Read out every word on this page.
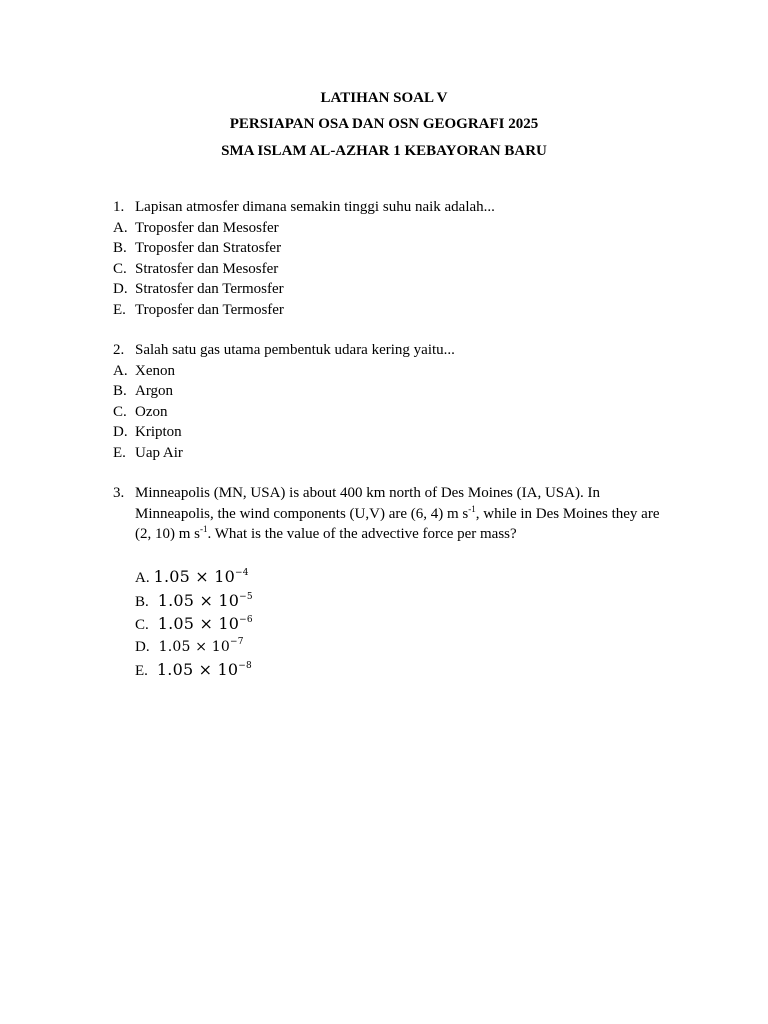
LATIHAN SOAL V
PERSIAPAN OSA DAN OSN GEOGRAFI 2025
SMA ISLAM AL-AZHAR 1 KEBAYORAN BARU
1. Lapisan atmosfer dimana semakin tinggi suhu naik adalah...
A. Troposfer dan Mesosfer
B. Troposfer dan Stratosfer
C. Stratosfer dan Mesosfer
D. Stratosfer dan Termosfer
E. Troposfer dan Termosfer
2. Salah satu gas utama pembentuk udara kering yaitu...
A. Xenon
B. Argon
C. Ozon
D. Kripton
E. Uap Air
3. Minneapolis (MN, USA) is about 400 km north of Des Moines (IA, USA). In
Minneapolis, the wind components (U,V) are (6, 4) m $s^{-1}$, while in Des Moines they are
(2, 10) m $s^{-1}$. What is the value of the advective force per mass?
A. $1.05 \times 10^{-4}$
B. $1.05 \times 10^{-5}$
C. $1.05 \times 10^{-6}$
D. $1.05 \times 10^{-7}$
E. $1.05 \times 10^{-8}$
